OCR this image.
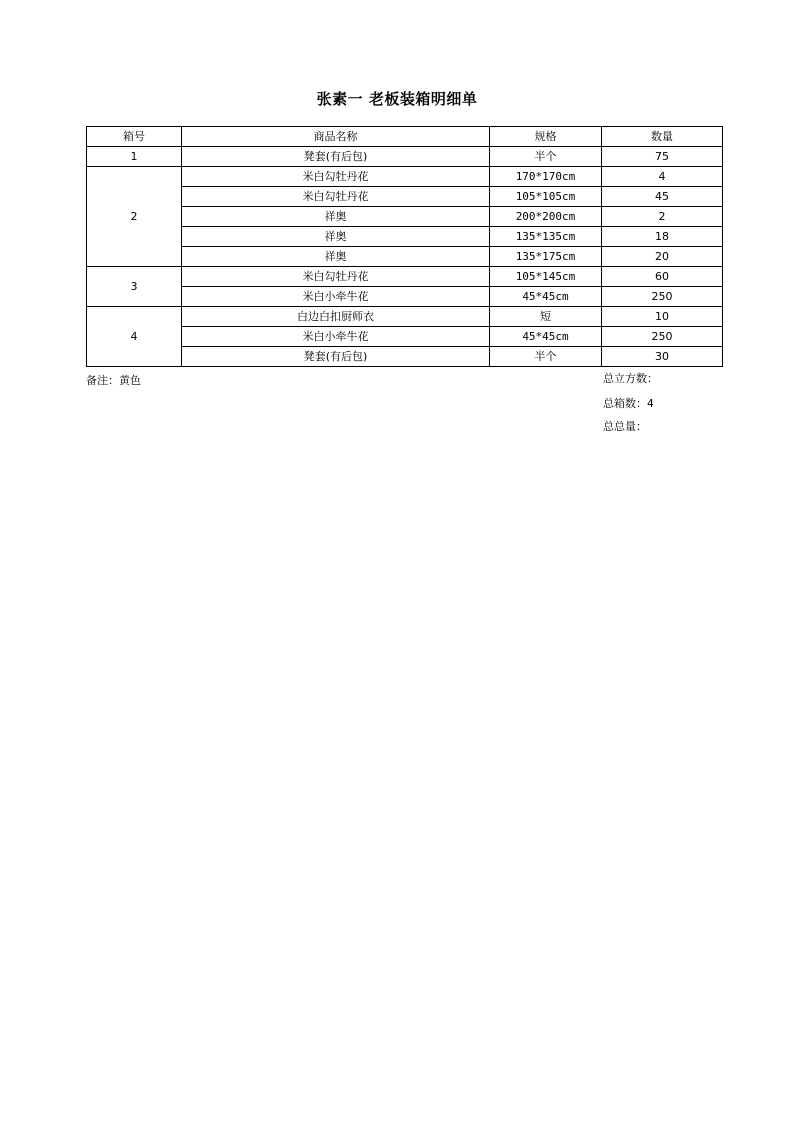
张素一 老板装箱明细单
箱号	商品名称	规格	数量
1	凳套(有后包)	半个	75
2	米白勾牡丹花	170*170cm	4
	米白勾牡丹花	105*105cm	45
	祥奥	200*200cm	2
	祥奥	135*135cm	18
	祥奥	135*175cm	20
3	米白勾牡丹花	105*145cm	60
	米白小牵牛花	45*45cm	250
4	白边白扣厨师衣	短	10
	米白小牵牛花	45*45cm	250
	凳套(有后包)	半个	30
备注：黄色	总立方数：
总箱数：4
总总量：
